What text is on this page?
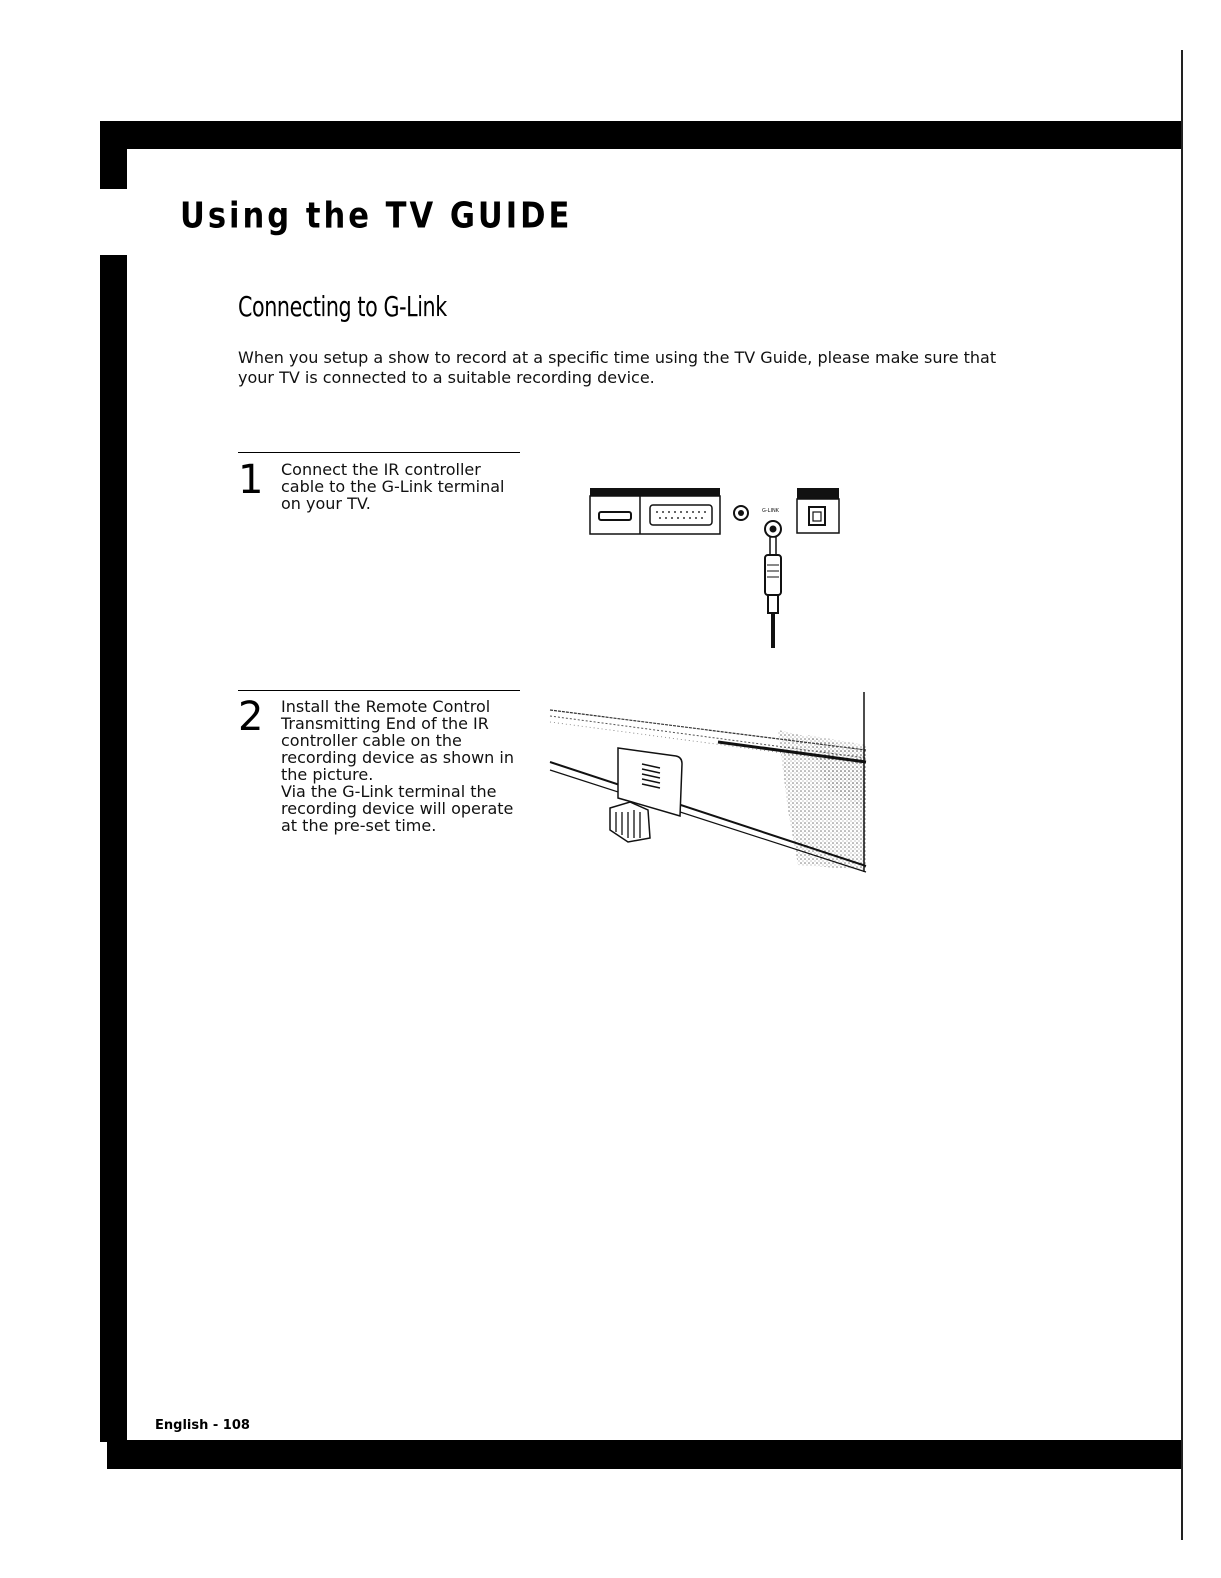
Using the TV GUIDE
Connecting to G-Link
When you setup a show to record at a specific time using the TV Guide, please make sure that your TV is connected to a suitable recording device.
1 Connect the IR controller
cable to the G-Link terminal
on your TV.
2 Install the Remote Control
Transmitting End of the IR
controller cable on the
recording device as shown in
the picture.
Via the G-Link terminal the
recording device will operate
at the pre-set time.
G-LINK
English - 108
